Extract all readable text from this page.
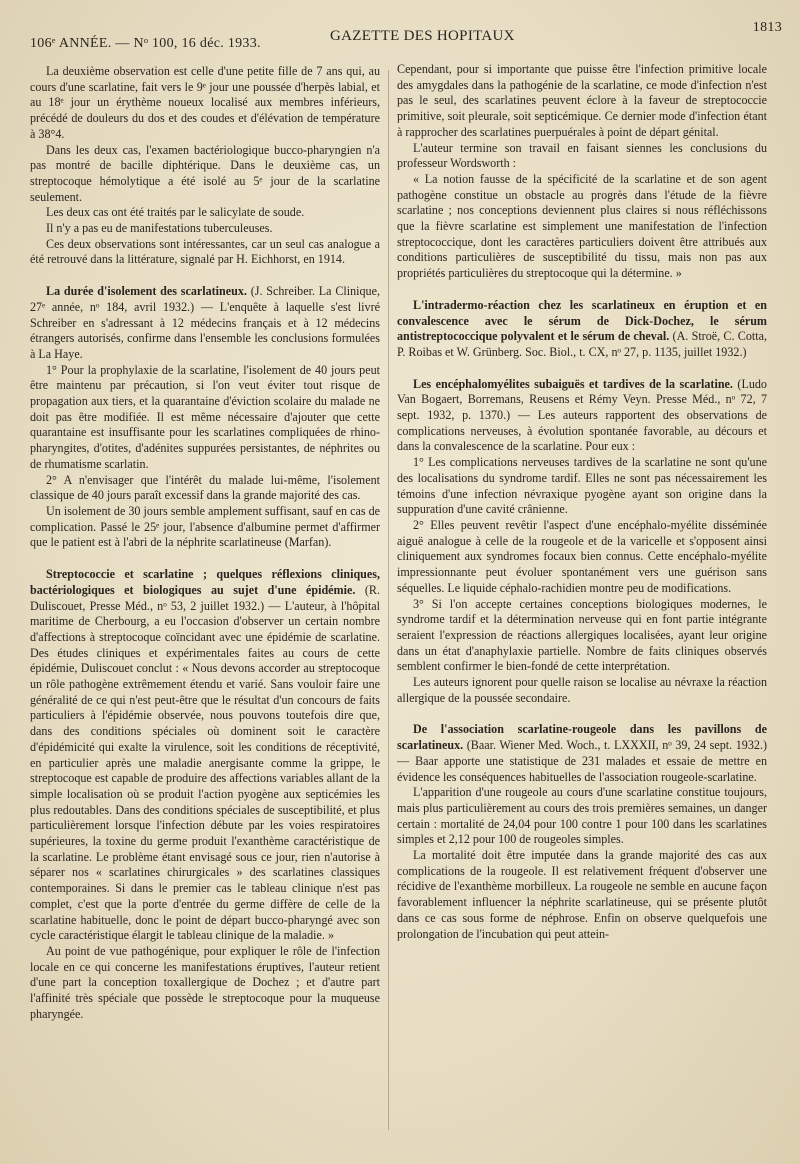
106ᵉ ANNÉE. — Nᵒ 100, 16 déc. 1933.	GAZETTE DES HOPITAUX
1813

La deuxième observation est celle d'une petite fille de 7 ans qui, au cours d'une scarlatine, fait vers le 9ᵉ jour une poussée d'herpès labial, et au 18ᵉ jour un érythème noueux localisé aux membres inférieurs, précédé de douleurs du dos et des coudes et d'élévation de température à 38°4.

Dans les deux cas, l'examen bactériologique bucco-pharyngien n'a pas montré de bacille diphtérique. Dans le deuxième cas, un streptocoque hémolytique a été isolé au 5ᵉ jour de la scarlatine seulement.

Les deux cas ont été traités par le salicylate de soude.

Il n'y a pas eu de manifestations tuberculeuses.

Ces deux observations sont intéressantes, car un seul cas analogue a été retrouvé dans la littérature, signalé par H. Eichhorst, en 1914.

La durée d'isolement des scarlatineux. (J. Schreiber. La Clinique, 27ᵉ année, nᵒ 184, avril 1932.) — L'enquête à laquelle s'est livré Schreiber en s'adressant à 12 médecins français et à 12 médecins étrangers autorisés, confirme dans l'ensemble les conclusions formulées à La Haye.

1° Pour la prophylaxie de la scarlatine, l'isolement de 40 jours peut être maintenu par précaution, si l'on veut éviter tout risque de propagation aux tiers, et la quarantaine d'éviction scolaire du malade ne doit pas être modifiée. Il est même nécessaire d'ajouter que cette quarantaine est insuffisante pour les scarlatines compliquées de rhino-pharyngites, d'otites, d'adénites suppurées persistantes, de néphrites ou de rhumatisme scarlatin.

2° A n'envisager que l'intérêt du malade lui-même, l'isolement classique de 40 jours paraît excessif dans la grande majorité des cas.

Un isolement de 30 jours semble amplement suffisant, sauf en cas de complication. Passé le 25ᵉ jour, l'absence d'albumine permet d'affirmer que le patient est à l'abri de la néphrite scarlatineuse (Marfan).

Streptococcie et scarlatine ; quelques réflexions cliniques, bactériologiques et biologiques au sujet d'une épidémie. (R. Duliscouet, Presse Méd., nᵒ 53, 2 juillet 1932.) — L'auteur, à l'hôpital maritime de Cherbourg, a eu l'occasion d'observer un certain nombre d'affections à streptocoque coïncidant avec une épidémie de scarlatine. Des études cliniques et expérimentales faites au cours de cette épidémie, Duliscouet conclut : « Nous devons accorder au streptocoque un rôle pathogène extrêmement étendu et varié. Sans vouloir faire une généralité de ce qui n'est peut-être que le résultat d'un concours de faits particuliers à l'épidémie observée, nous pouvons toutefois dire que, dans des conditions spéciales où dominent soit le caractère d'épidémicité qui exalte la virulence, soit les conditions de réceptivité, en particulier après une maladie anergisante comme la grippe, le streptocoque est capable de produire des affections variables allant de la simple localisation où se produit l'action pyogène aux septicémies les plus redoutables. Dans des conditions spéciales de susceptibilité, et plus particulièrement lorsque l'infection débute par les voies respiratoires supérieures, la toxine du germe produit l'exanthème caractéristique de la scarlatine. Le problème étant envisagé sous ce jour, rien n'autorise à séparer nos « scarlatines chirurgicales » des scarlatines classiques contemporaines. Si dans le premier cas le tableau clinique n'est pas complet, c'est que la porte d'entrée du germe diffère de celle de la scarlatine habituelle, donc le point de départ bucco-pharyngé avec son cycle caractéristique élargit le tableau clinique de la maladie. »

Au point de vue pathogénique, pour expliquer le rôle de l'infection locale en ce qui concerne les manifestations éruptives, l'auteur retient d'une part la conception toxallergique de Dochez ; et d'autre part l'affinité très spéciale que possède le streptocoque pour la muqueuse pharyngée.

Cependant, pour si importante que puisse être l'infection primitive locale des amygdales dans la pathogénie de la scarlatine, ce mode d'infection n'est pas le seul, des scarlatines peuvent éclore à la faveur de streptococcie primitive, soit pleurale, soit septicémique. Ce dernier mode d'infection étant à rapprocher des scarlatines puerpuérales à point de départ génital.

L'auteur termine son travail en faisant siennes les conclusions du professeur Wordsworth :

« La notion fausse de la spécificité de la scarlatine et de son agent pathogène constitue un obstacle au progrès dans l'étude de la fièvre scarlatine ; nos conceptions deviennent plus claires si nous réfléchissons que la fièvre scarlatine est simplement une manifestation de l'infection streptococcique, dont les caractères particuliers doivent être attribués aux conditions particulières de susceptibilité du tissu, mais non pas aux propriétés particulières du streptocoque qui la détermine. »

L'intradermo-réaction chez les scarlatineux en éruption et en convalescence avec le sérum de Dick-Dochez, le sérum antistreptococcique polyvalent et le sérum de cheval. (A. Stroë, C. Cotta, P. Roibas et W. Grünberg. Soc. Biol., t. CX, nᵒ 27, p. 1135, juillet 1932.)

Les encéphalomyélites subaiguës et tardives de la scarlatine. (Ludo Van Bogaert, Borremans, Reusens et Rémy Veyn. Presse Méd., nᵒ 72, 7 sept. 1932, p. 1370.) — Les auteurs rapportent des observations de complications nerveuses, à évolution spontanée favorable, au décours et dans la convalescence de la scarlatine. Pour eux :

1° Les complications nerveuses tardives de la scarlatine ne sont qu'une des localisations du syndrome tardif. Elles ne sont pas nécessairement les témoins d'une infection névraxique pyogène ayant son origine dans la suppuration d'une cavité crânienne.

2° Elles peuvent revêtir l'aspect d'une encéphalo-myélite disséminée aiguë analogue à celle de la rougeole et de la varicelle et s'opposent ainsi cliniquement aux syndromes focaux bien connus. Cette encéphalo-myélite impressionnante peut évoluer spontanément vers une guérison sans séquelles. Le liquide céphalo-rachidien montre peu de modifications.

3° Si l'on accepte certaines conceptions biologiques modernes, le syndrome tardif et la détermination nerveuse qui en font partie intégrante seraient l'expression de réactions allergiques localisées, ayant leur origine dans un état d'anaphylaxie partielle. Nombre de faits cliniques observés semblent confirmer le bien-fondé de cette interprétation.

Les auteurs ignorent pour quelle raison se localise au névraxe la réaction allergique de la poussée secondaire.

De l'association scarlatine-rougeole dans les pavillons de scarlatineux. (Baar. Wiener Med. Woch., t. LXXXII, nᵒ 39, 24 sept. 1932.) — Baar apporte une statistique de 231 malades et essaie de mettre en évidence les conséquences habituelles de l'association rougeole-scarlatine.

L'apparition d'une rougeole au cours d'une scarlatine constitue toujours, mais plus particulièrement au cours des trois premières semaines, un danger certain : mortalité de 24,04 pour 100 contre 1 pour 100 dans les scarlatines simples et 2,12 pour 100 de rougeoles simples.

La mortalité doit être imputée dans la grande majorité des cas aux complications de la rougeole. Il est relativement fréquent d'observer une récidive de l'exanthème morbilleux. La rougeole ne semble en aucune façon favorablement influencer la néphrite scarlatineuse, qui se présente plutôt dans ce cas sous forme de néphrose. Enfin on observe quelquefois une prolongation de l'incubation qui peut attein-
